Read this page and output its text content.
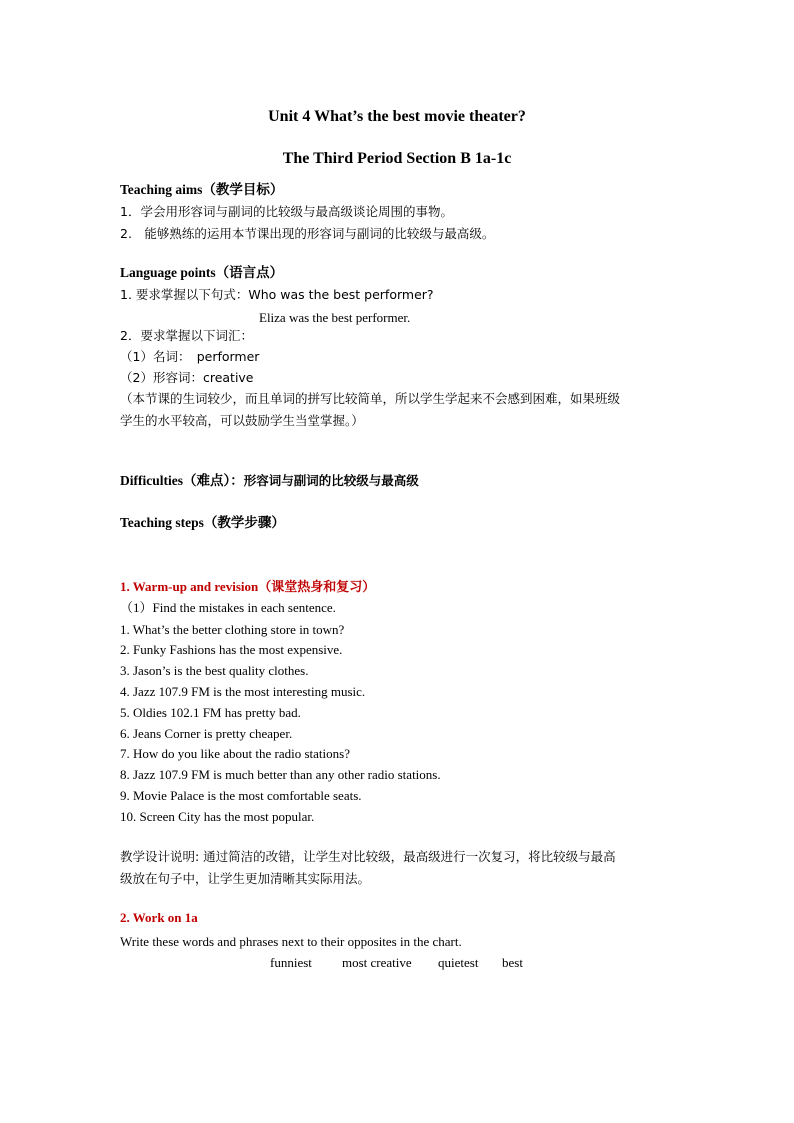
Unit 4 What’s the best movie theater?
The Third Period Section B 1a-1c
Teaching aims（教学目标）
1．学会用形容词与副词的比较级与最高级谈论周围的事物。
2.　能够熟练的运用本节课出现的形容词与副词的比较级与最高级。
Language points（语言点）
1. 要求掌握以下句式：Who was the best performer?
Eliza was the best performer.
2．要求掌握以下词汇：
（1）名词：　performer
（2）形容词：creative
（本节课的生词较少，而且单词的拼写比较简单，所以学生学起来不会感到困难，如果班级
学生的水平较高，可以鼓励学生当堂掌握。）
Difficulties（难点）：形容词与副词的比较级与最高级
Teaching steps（教学步骤）
1. Warm-up and revision（课堂热身和复习）
（1）Find the mistakes in each sentence.
1. What’s the better clothing store in town?
2. Funky Fashions has the most expensive.
3. Jason’s is the best quality clothes.
4. Jazz 107.9 FM is the most interesting music.
5. Oldies 102.1 FM has pretty bad.
6. Jeans Corner is pretty cheaper.
7. How do you like about the radio stations?
8. Jazz 107.9 FM is much better than any other radio stations.
9. Movie Palace is the most comfortable seats.
10. Screen City has the most popular.
教学设计说明: 通过简洁的改错，让学生对比较级，最高级进行一次复习，将比较级与最高
级放在句子中，让学生更加清晰其实际用法。
2. Work on 1a
Write these words and phrases next to their opposites in the chart.
funniest most creative quietest best
